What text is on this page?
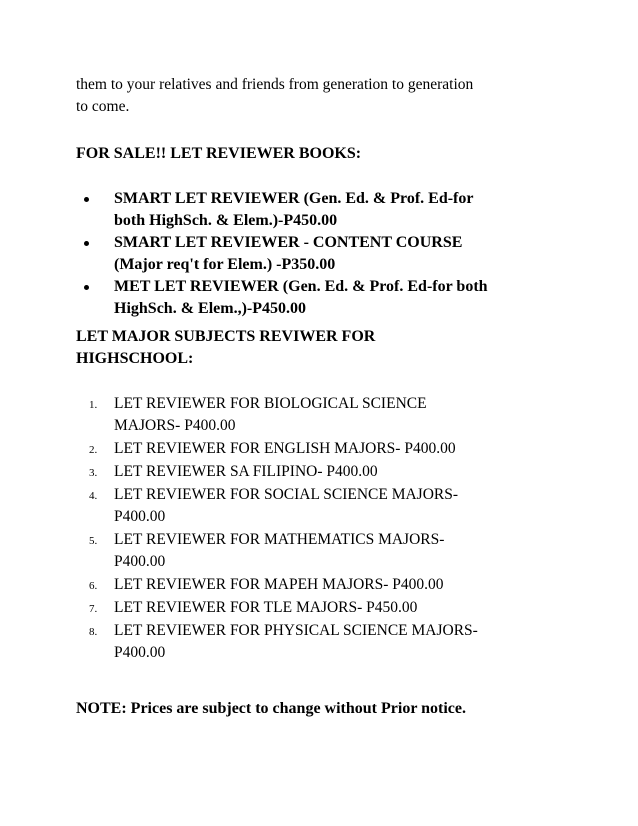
them to your relatives and friends from generation to generation
to come.

FOR SALE!! LET REVIEWER BOOKS:

SMART LET REVIEWER (Gen. Ed. & Prof. Ed-for
both HighSch. & Elem.)-P450.00
SMART LET REVIEWER - CONTENT COURSE
(Major req't for Elem.) -P350.00
MET LET REVIEWER (Gen. Ed. & Prof. Ed-for both
HighSch. & Elem.,)-P450.00

LET MAJOR SUBJECTS REVIWER FOR
HIGHSCHOOL:

1. LET REVIEWER FOR BIOLOGICAL SCIENCE
MAJORS- P400.00
2. LET REVIEWER FOR ENGLISH MAJORS- P400.00
3. LET REVIEWER SA FILIPINO- P400.00
4. LET REVIEWER FOR SOCIAL SCIENCE MAJORS-
P400.00
5. LET REVIEWER FOR MATHEMATICS MAJORS-
P400.00
6. LET REVIEWER FOR MAPEH MAJORS- P400.00
7. LET REVIEWER FOR TLE MAJORS- P450.00
8. LET REVIEWER FOR PHYSICAL SCIENCE MAJORS-
P400.00

NOTE: Prices are subject to change without Prior notice.
